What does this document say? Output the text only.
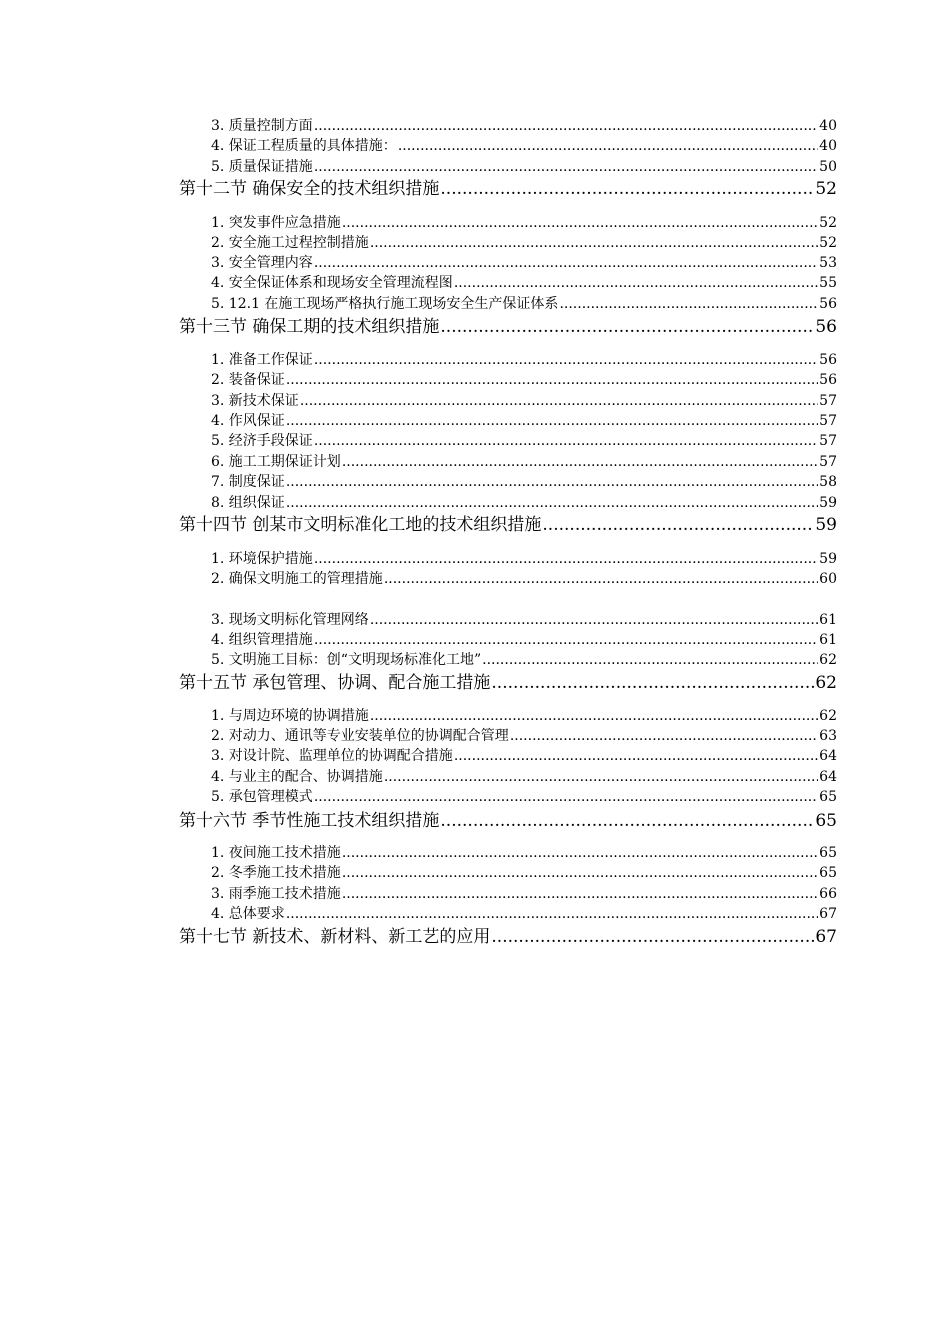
3. 质量控制方面 .....	40
4. 保证工程质量的具体措施： .....	40
5. 质量保证措施 .....	50
第十二节 确保安全的技术组织措施 .....	52
1. 突发事件应急措施 .....	52
2. 安全施工过程控制措施 .....	52
3. 安全管理内容 .....	53
4. 安全保证体系和现场安全管理流程图 .....	55
5. 12.1 在施工现场严格执行施工现场安全生产保证体系 .....	56
第十三节 确保工期的技术组织措施 .....	56
1. 准备工作保证 .....	56
2. 装备保证 .....	56
3. 新技术保证 .....	57
4. 作风保证 .....	57
5. 经济手段保证 .....	57
6. 施工工期保证计划 .....	57
7. 制度保证 .....	58
8. 组织保证 .....	59
第十四节 创某市文明标准化工地的技术组织措施 .....	59
1. 环境保护措施 .....	59
2. 确保文明施工的管理措施 .....	60
3. 现场文明标化管理网络 .....	61
4. 组织管理措施 .....	61
5. 文明施工目标：创“文明现场标准化工地” .....	62
第十五节 承包管理、协调、配合施工措施 .....	62
1. 与周边环境的协调措施 .....	62
2. 对动力、通讯等专业安装单位的协调配合管理 .....	63
3. 对设计院、监理单位的协调配合措施 .....	64
4. 与业主的配合、协调措施 .....	64
5. 承包管理模式 .....	65
第十六节 季节性施工技术组织措施 .....	65
1. 夜间施工技术措施 .....	65
2. 冬季施工技术措施 .....	65
3. 雨季施工技术措施 .....	66
4. 总体要求 .....	67
第十七节 新技术、新材料、新工艺的应用 .....	67
